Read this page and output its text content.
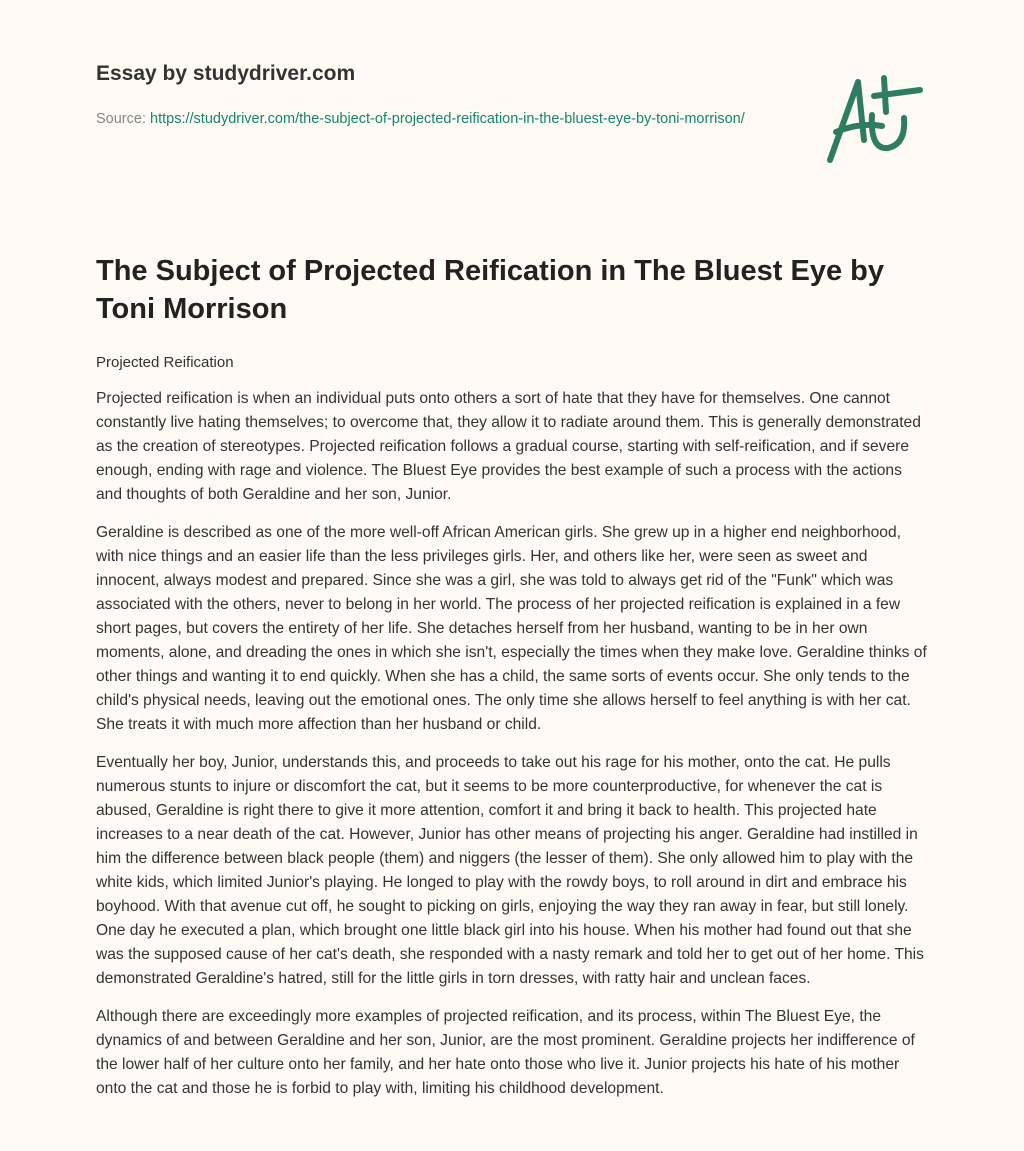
Essay by studydriver.com
Source: https://studydriver.com/the-subject-of-projected-reification-in-the-bluest-eye-by-toni-morrison/
The Subject of Projected Reification in The Bluest Eye by Toni Morrison
Projected Reification

Projected reification is when an individual puts onto others a sort of hate that they have for themselves. One cannot constantly live hating themselves; to overcome that, they allow it to radiate around them. This is generally demonstrated as the creation of stereotypes. Projected reification follows a gradual course, starting with self-reification, and if severe enough, ending with rage and violence. The Bluest Eye provides the best example of such a process with the actions and thoughts of both Geraldine and her son, Junior.

Geraldine is described as one of the more well-off African American girls. She grew up in a higher end neighborhood, with nice things and an easier life than the less privileges girls. Her, and others like her, were seen as sweet and innocent, always modest and prepared. Since she was a girl, she was told to always get rid of the "Funk" which was associated with the others, never to belong in her world. The process of her projected reification is explained in a few short pages, but covers the entirety of her life. She detaches herself from her husband, wanting to be in her own moments, alone, and dreading the ones in which she isn't, especially the times when they make love. Geraldine thinks of other things and wanting it to end quickly. When she has a child, the same sorts of events occur. She only tends to the child's physical needs, leaving out the emotional ones. The only time she allows herself to feel anything is with her cat. She treats it with much more affection than her husband or child.

Eventually her boy, Junior, understands this, and proceeds to take out his rage for his mother, onto the cat. He pulls numerous stunts to injure or discomfort the cat, but it seems to be more counterproductive, for whenever the cat is abused, Geraldine is right there to give it more attention, comfort it and bring it back to health. This projected hate increases to a near death of the cat. However, Junior has other means of projecting his anger. Geraldine had instilled in him the difference between black people (them) and niggers (the lesser of them). She only allowed him to play with the white kids, which limited Junior's playing. He longed to play with the rowdy boys, to roll around in dirt and embrace his boyhood. With that avenue cut off, he sought to picking on girls, enjoying the way they ran away in fear, but still lonely. One day he executed a plan, which brought one little black girl into his house. When his mother had found out that she was the supposed cause of her cat's death, she responded with a nasty remark and told her to get out of her home. This demonstrated Geraldine's hatred, still for the little girls in torn dresses, with ratty hair and unclean faces.

Although there are exceedingly more examples of projected reification, and its process, within The Bluest Eye, the dynamics of and between Geraldine and her son, Junior, are the most prominent. Geraldine projects her indifference of the lower half of her culture onto her family, and her hate onto those who live it. Junior projects his hate of his mother onto the cat and those he is forbid to play with, limiting his childhood development.
